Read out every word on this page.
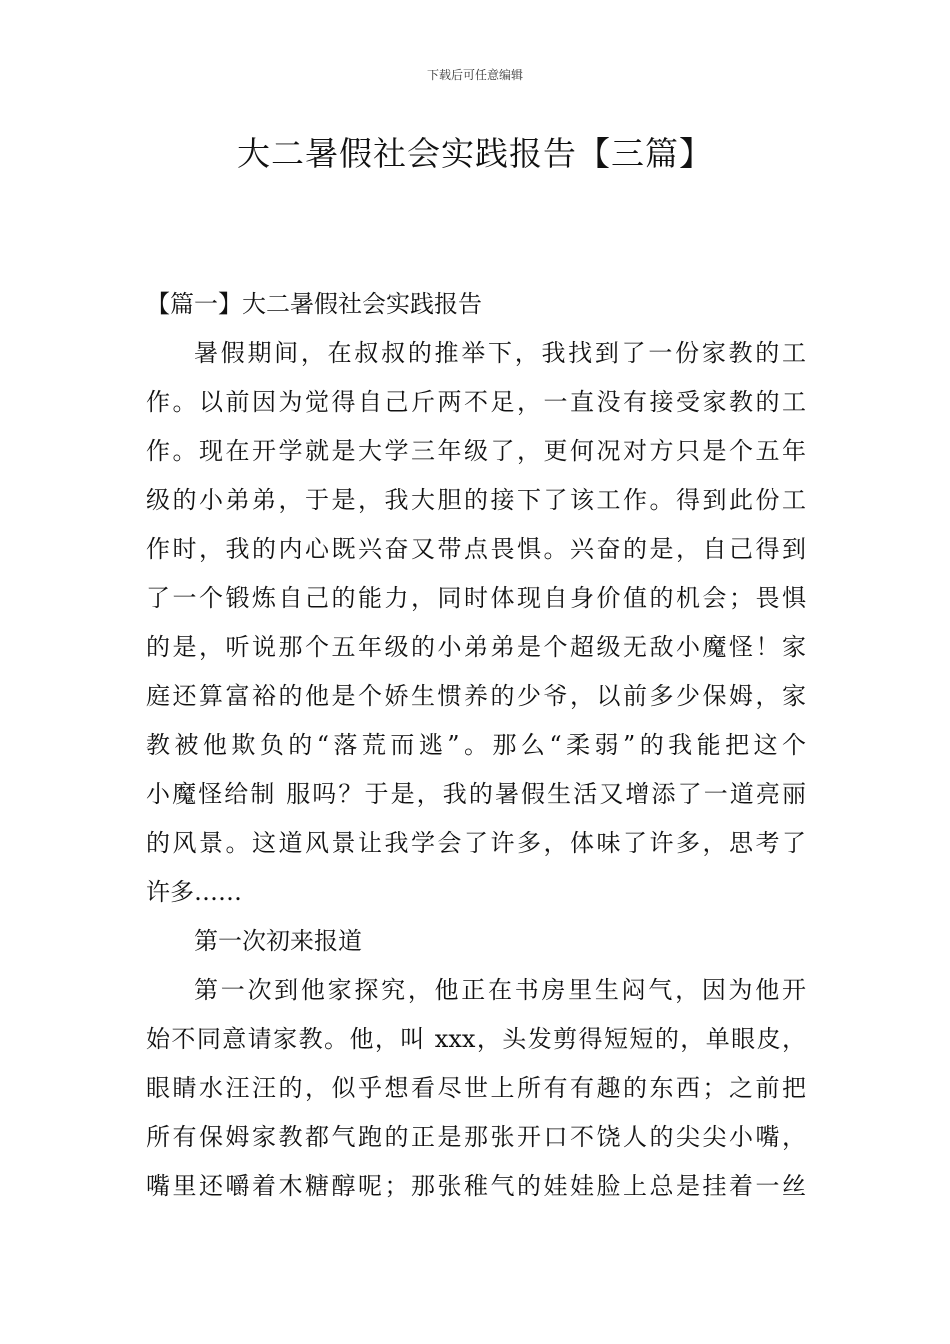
下载后可任意编辑
大二暑假社会实践报告【三篇】

【篇一】大二暑假社会实践报告

暑假期间，在叔叔的推举下，我找到了一份家教的工
作。以前因为觉得自己斤两不足，一直没有接受家教的工
作。现在开学就是大学三年级了，更何况对方只是个五年
级的小弟弟，于是，我大胆的接下了该工作。得到此份工
作时，我的内心既兴奋又带点畏惧。兴奋的是，自己得到
了一个锻炼自己的能力，同时体现自身价值的机会；畏惧
的是，听说那个五年级的小弟弟是个超级无敌小魔怪！家
庭还算富裕的他是个娇生惯养的少爷，以前多少保姆，家
教被他欺负的“落荒而逃”。那么“柔弱”的我能把这个
小魔怪给制 服吗？于是，我的暑假生活又增添了一道亮丽
的风景。这道风景让我学会了许多，体味了许多，思考了
许多……
第一次初来报道
第一次到他家探究，他正在书房里生闷气，因为他开
始不同意请家教。他，叫 xxx，头发剪得短短的，单眼皮，
眼睛水汪汪的，似乎想看尽世上所有有趣的东西；之前把
所有保姆家教都气跑的正是那张开口不饶人的尖尖小嘴，
嘴里还嚼着木糖醇呢；那张稚气的娃娃脸上总是挂着一丝
